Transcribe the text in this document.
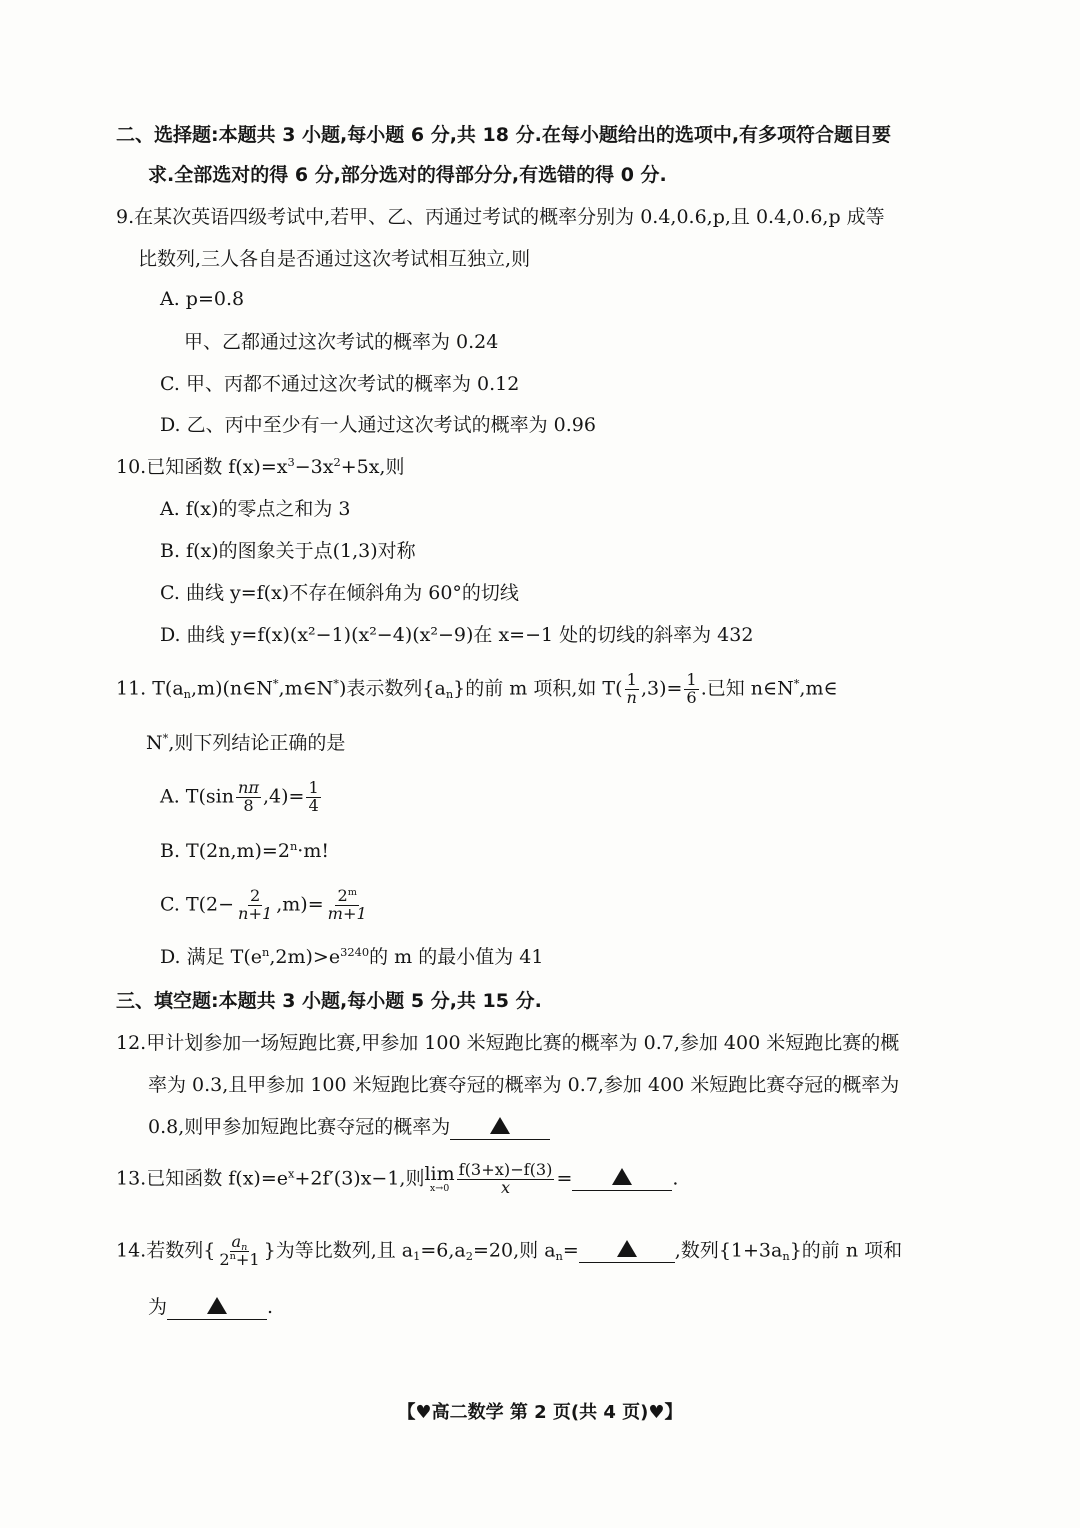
二、选择题:本题共 3 小题,每小题 6 分,共 18 分.在每小题给出的选项中,有多项符合题目要
求.全部选对的得 6 分,部分选对的得部分分,有选错的得 0 分.
9.在某次英语四级考试中,若甲、乙、丙通过考试的概率分别为 0.4,0.6,p,且 0.4,0.6,p 成等
比数列,三人各自是否通过这次考试相互独立,则
A. p=0.8
甲、乙都通过这次考试的概率为 0.24
C. 甲、丙都不通过这次考试的概率为 0.12
D. 乙、丙中至少有一人通过这次考试的概率为 0.96
10.已知函数 $f(x)=x^3-3x^2+5x$,则
A. f(x)的零点之和为 3
B. f(x)的图象关于点(1,3)对称
C. 曲线 y=f(x)不存在倾斜角为 60°的切线
D. 曲线 y=f(x)(x²−1)(x²−4)(x²−9)在 x=−1 处的切线的斜率为 432
11. $T(a_n,m)(n\in N^*,m\in N^*)$表示数列$\{a_n\}$的前 m 项积,如 $T( \frac{1}{n} ,3)= \frac{1}{6}$ .已知 n∈N*,m∈
N*,则下列结论正确的是
A. $T(\sin \frac{n\pi}{8} ,4)= \frac{1}{4}$
B. $T(2n,m)=2^n\cdot m$!
C. $T(2- \frac{2}{n+1} ,m)= \frac{2^m}{m+1}$
D. 满足 $T(e^n,2m)>e^{3240}$的 m 的最小值为 41
三、填空题:本题共 3 小题,每小题 5 分,共 15 分.
12.甲计划参加一场短跑比赛,甲参加 100 米短跑比赛的概率为 0.7,参加 400 米短跑比赛的概
率为 0.3,且甲参加 100 米短跑比赛夺冠的概率为 0.7,参加 400 米短跑比赛夺冠的概率为
0.8,则甲参加短跑比赛夺冠的概率为
13.已知函数 $f(x)=e^x+2f'(3)x-1$,则 lim
$x\to 0 \frac{f(3+x)-f(3)}{x}$ =	.
14.若数列{ $\frac{a_n}{2^n+1}$ }为等比数列,且 $a_1=6,a_2=20$,则 $a_n=$	,数列$\{1+3a_n\}$的前 n 项和
为	.
【♥高二数学 第 2 页(共 4 页)♥】
